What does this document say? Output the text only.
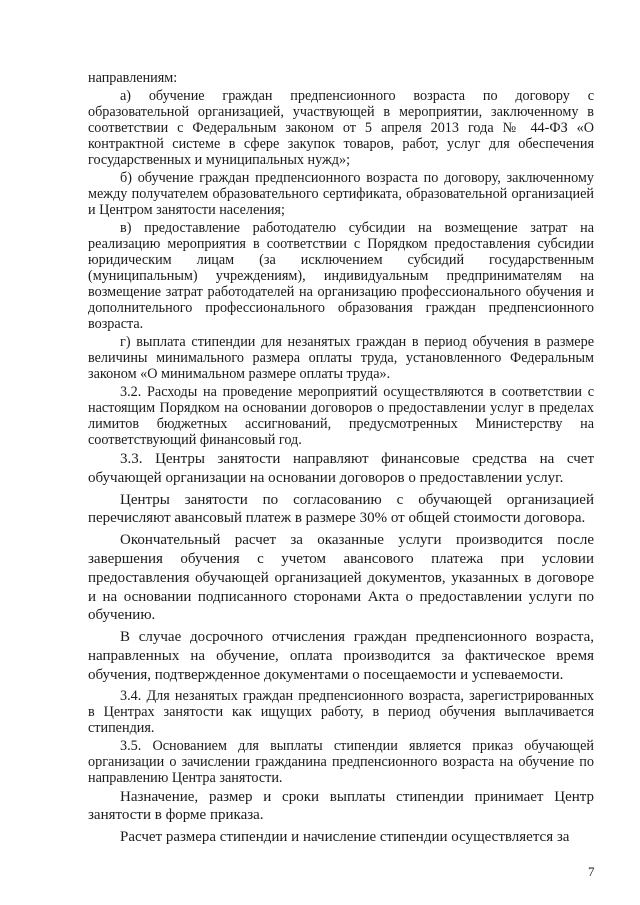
направлениям:

а) обучение граждан предпенсионного возраста по договору с образовательной организацией, участвующей в мероприятии, заключенному в соответствии с Федеральным законом от 5 апреля 2013 года № 44-ФЗ «О контрактной системе в сфере закупок товаров, работ, услуг для обеспечения государственных и муниципальных нужд»;

б) обучение граждан предпенсионного возраста по договору, заключенному между получателем образовательного сертификата, образовательной организацией и Центром занятости населения;

в) предоставление работодателю субсидии на возмещение затрат на реализацию мероприятия в соответствии с Порядком предоставления субсидии юридическим лицам (за исключением субсидий государственным (муниципальным) учреждениям), индивидуальным предпринимателям на возмещение затрат работодателей на организацию профессионального обучения и дополнительного профессионального образования граждан предпенсионного возраста.

г) выплата стипендии для незанятых граждан в период обучения в размере величины минимального размера оплаты труда, установленного Федеральным законом «О минимальном размере оплаты труда».

3.2. Расходы на проведение мероприятий осуществляются в соответствии с настоящим Порядком на основании договоров о предоставлении услуг в пределах лимитов бюджетных ассигнований, предусмотренных Министерству на соответствующий финансовый год.

3.3. Центры занятости направляют финансовые средства на счет обучающей организации на основании договоров о предоставлении услуг.

Центры занятости по согласованию с обучающей организацией перечисляют авансовый платеж в размере 30% от общей стоимости договора.

Окончательный расчет за оказанные услуги производится после завершения обучения с учетом авансового платежа при условии предоставления обучающей организацией документов, указанных в договоре и на основании подписанного сторонами Акта о предоставлении услуги по обучению.

В случае досрочного отчисления граждан предпенсионного возраста, направленных на обучение, оплата производится за фактическое время обучения, подтвержденное документами о посещаемости и успеваемости.

3.4. Для незанятых граждан предпенсионного возраста, зарегистрированных в Центрах занятости как ищущих работу, в период обучения выплачивается стипендия.

3.5. Основанием для выплаты стипендии является приказ обучающей организации о зачислении гражданина предпенсионного возраста на обучение по направлению Центра занятости.

Назначение, размер и сроки выплаты стипендии принимает Центр занятости в форме приказа.

Расчет размера стипендии и начисление стипендии осуществляется за

7
